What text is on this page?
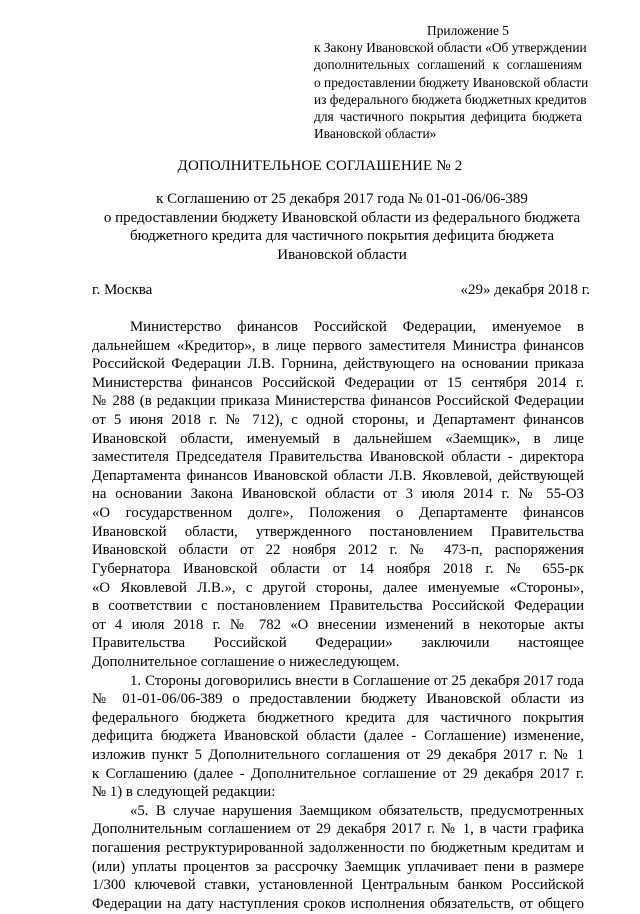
Приложение 5
к Закону Ивановской области «Об утверждении
дополнительных соглашений к соглашениям
о предоставлении бюджету Ивановской области
из федерального бюджета бюджетных кредитов
для частичного покрытия дефицита бюджета
Ивановской области»
ДОПОЛНИТЕЛЬНОЕ СОГЛАШЕНИЕ № 2
к Соглашению от 25 декабря 2017 года № 01-01-06/06-389
о предоставлении бюджету Ивановской области из федерального бюджета
бюджетного кредита для частичного покрытия дефицита бюджета
Ивановской области
г. Москва	«29» декабря 2018 г.
Министерство финансов Российской Федерации, именуемое в
дальнейшем «Кредитор», в лице первого заместителя Министра финансов
Российской Федерации Л.В. Горнина, действующего на основании приказа
Министерства финансов Российской Федерации от 15 сентября 2014 г.
№ 288 (в редакции приказа Министерства финансов Российской Федерации
от 5 июня 2018 г. № 712), с одной стороны, и Департамент финансов
Ивановской области, именуемый в дальнейшем «Заемщик», в лице
заместителя Председателя Правительства Ивановской области - директора
Департамента финансов Ивановской области Л.В. Яковлевой, действующей
на основании Закона Ивановской области от 3 июля 2014 г. № 55-ОЗ
«О государственном долге», Положения о Департаменте финансов
Ивановской области, утвержденного постановлением Правительства
Ивановской области от 22 ноября 2012 г. № 473-п, распоряжения
Губернатора Ивановской области от 14 ноября 2018 г. № 655-рк
«О Яковлевой Л.В.», с другой стороны, далее именуемые «Стороны»,
в соответствии с постановлением Правительства Российской Федерации
от 4 июля 2018 г. № 782 «О внесении изменений в некоторые акты
Правительства Российской Федерации» заключили настоящее
Дополнительное соглашение о нижеследующем.
1. Стороны договорились внести в Соглашение от 25 декабря 2017 года
№ 01-01-06/06-389 о предоставлении бюджету Ивановской области из
федерального бюджета бюджетного кредита для частичного покрытия
дефицита бюджета Ивановской области (далее - Соглашение) изменение,
изложив пункт 5 Дополнительного соглашения от 29 декабря 2017 г. № 1
к Соглашению (далее - Дополнительное соглашение от 29 декабря 2017 г.
№ 1) в следующей редакции:
«5. В случае нарушения Заемщиком обязательств, предусмотренных
Дополнительным соглашением от 29 декабря 2017 г. № 1, в части графика
погашения реструктурированной задолженности по бюджетным кредитам и
(или) уплаты процентов за рассрочку Заемщик уплачивает пени в размере
1/300 ключевой ставки, установленной Центральным банком Российской
Федерации на дату наступления сроков исполнения обязательств, от общего
